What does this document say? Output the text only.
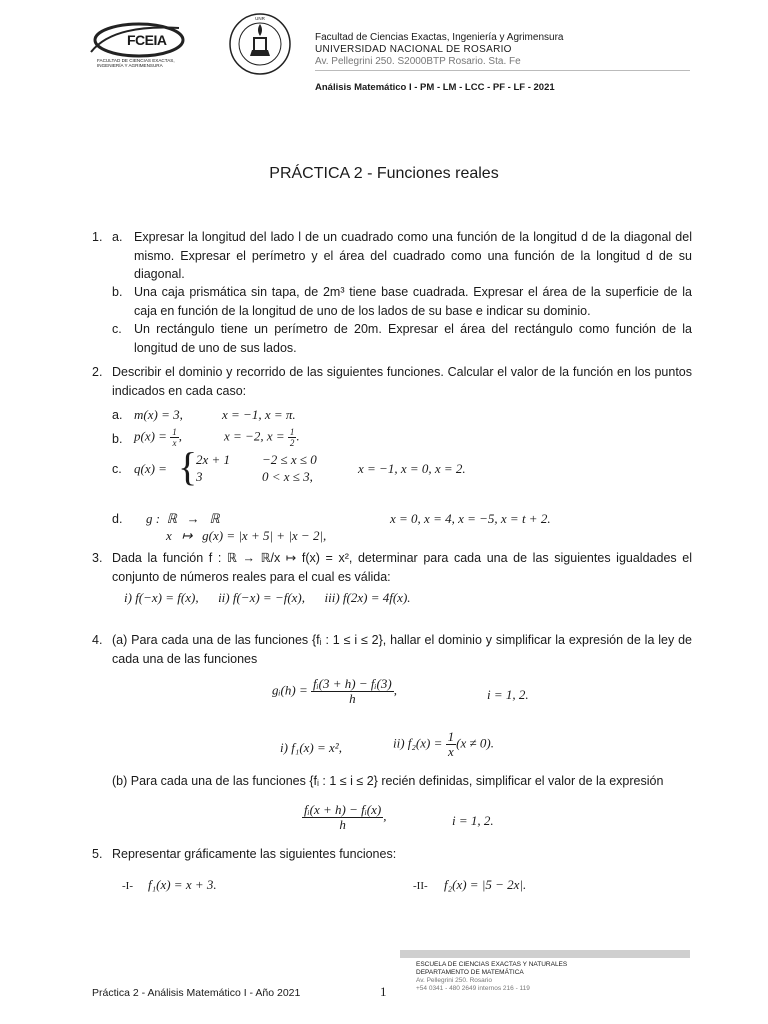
FCEIA
FACULTAD DE CIENCIAS EXACTAS, INGENIERÍA Y AGRIMENSURA
UNR
Facultad de Ciencias Exactas, Ingeniería y Agrimensura
UNIVERSIDAD NACIONAL DE ROSARIO
Av. Pellegrini 250. S2000BTP Rosario. Sta. Fe
Análisis Matemático I - PM - LM - LCC - PF - LF - 2021
PRÁCTICA 2 - Funciones reales
1. a. Expresar la longitud del lado l de un cuadrado como una función de la longitud d de la diagonal del mismo. Expresar el perímetro y el área del cuadrado como una función de la longitud d de su diagonal.
b. Una caja prismática sin tapa, de 2m³ tiene base cuadrada. Expresar el área de la superficie de la caja en función de la longitud de uno de los lados de su base e indicar su dominio.
c. Un rectángulo tiene un perímetro de 20m. Expresar el área del rectángulo como función de la longitud de uno de sus lados.
2. Describir el dominio y recorrido de las siguientes funciones. Calcular el valor de la función en los puntos indicados en cada caso:
a. m(x) = 3,	x = −1, x = π.
b. $p(x) = \frac{1}{x}$ ,	x = −2, $x = \frac{1}{2}$ .
c. q(x) = {
2x + 1 −2 ≤ x ≤ 0
3	0 < x ≤ 3,
x = −1, x = 0, x = 2.
d. g :  ℝ   →   ℝ
x   ↦   g(x) = |x + 5| + |x − 2|,
x = 0, x = 4, x = −5, x = t + 2.
3. Dada la función f : ℝ → ℝ/x ↦ f(x) = x², determinar para cada una de las siguientes igualdades el conjunto de números reales para el cual es válida:
i) f(−x) = f(x),      ii) f(−x) = −f(x),      iii) f(2x) = 4f(x).
4. (a) Para cada una de las funciones {fᵢ : 1 ≤ i ≤ 2}, hallar el dominio y simplificar la expresión de la ley de cada una de las funciones
gᵢ(h) = $\frac{\text{fᵢ(3 + h) − fᵢ(3)}}{h}$ ,	i = 1, 2.
i) f₁(x) = x²,	ii) $f_2(x) = \frac{1}{x} (x \ne 0)$.
(b) Para cada una de las funciones {fᵢ : 1 ≤ i ≤ 2} recién definidas, simplificar el valor de la expresión
$\frac{\text{fᵢ(x + h) − fᵢ(x)}}{h}$ ,	i = 1, 2.
5. Representar gráficamente las siguientes funciones:
-I- f₁(x) = x + 3.	-II- f₂(x) = |5 − 2x|.
ESCUELA DE CIENCIAS EXACTAS Y NATURALES
DEPARTAMENTO DE MATEMÁTICA
Av. Pellegrini 250. Rosario
+54 0341 - 480 2649 internos 216 - 119
Práctica 2 - Análisis Matemático I - Año 2021	1
